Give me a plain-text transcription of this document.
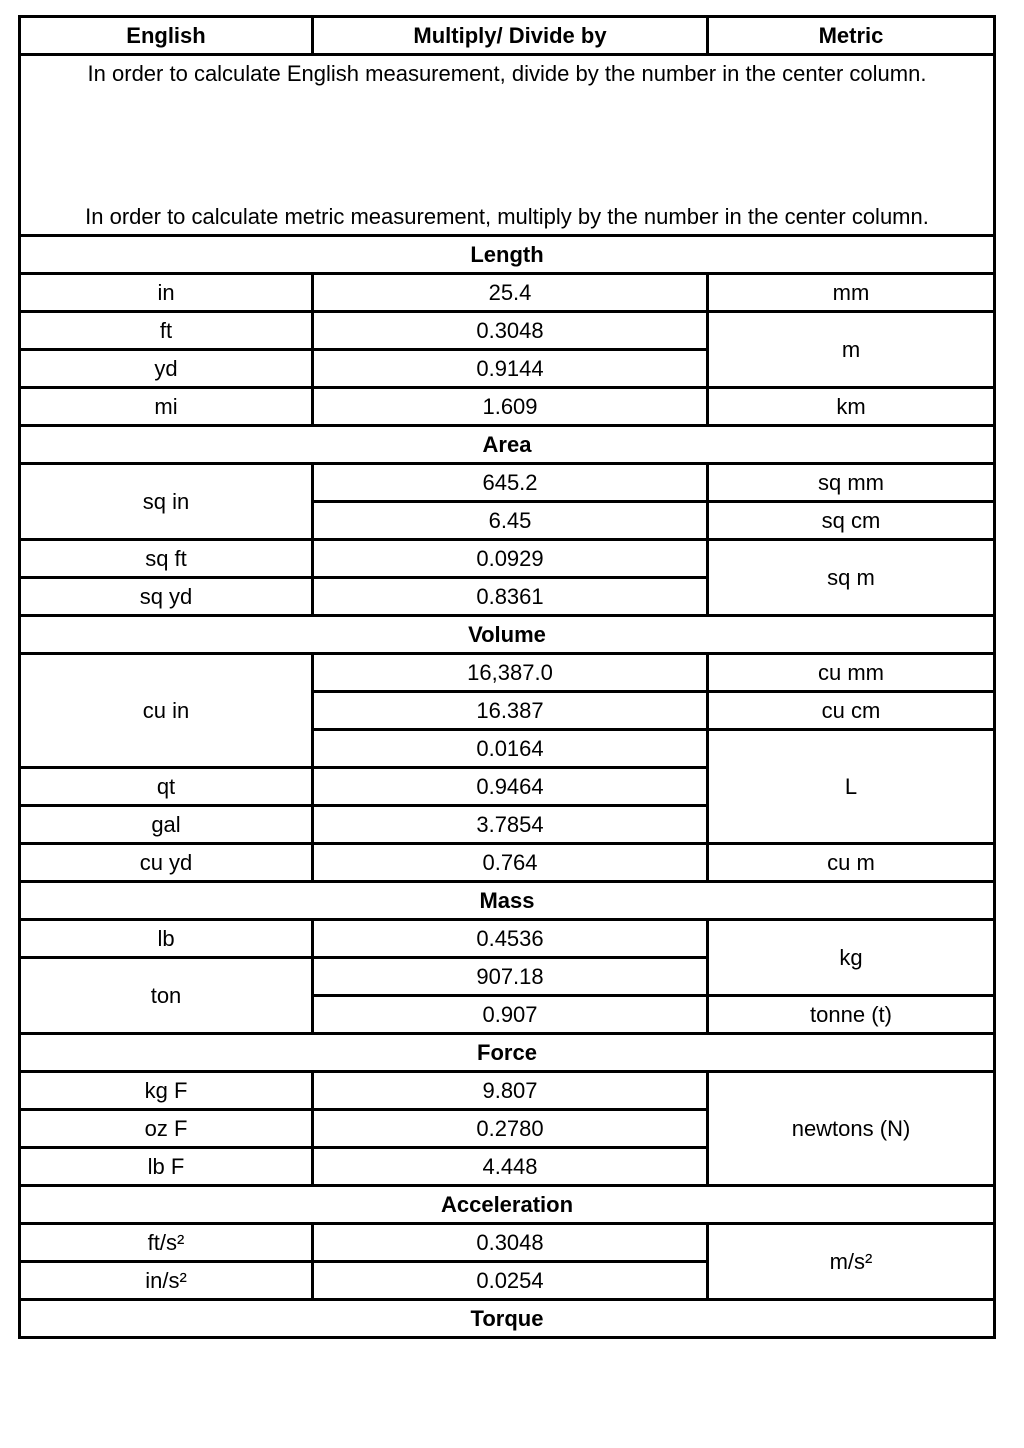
English	Multiply/ Divide by	Metric
In order to calculate English measurement, divide by the number in the center column.
In order to calculate metric measurement, multiply by the number in the center column.		
Length		
in	25.4	mm
ft	0.3048	m
yd	0.9144	
mi	1.609	km
Area		
sq in	645.2	sq mm
	6.45	sq cm
sq ft	0.0929	sq m
sq yd	0.8361	
Volume		
cu in	16,387.0	cu mm
	16.387	cu cm
	0.0164	L
qt	0.9464	
gal	3.7854	
cu yd	0.764	cu m
Mass		
lb	0.4536	kg
ton	907.18	
	0.907	tonne (t)
Force		
kg F	9.807	newtons (N)
oz F	0.2780	
lb F	4.448	
Acceleration		
ft/s²	0.3048	m/s²
in/s²	0.0254	
Torque		
